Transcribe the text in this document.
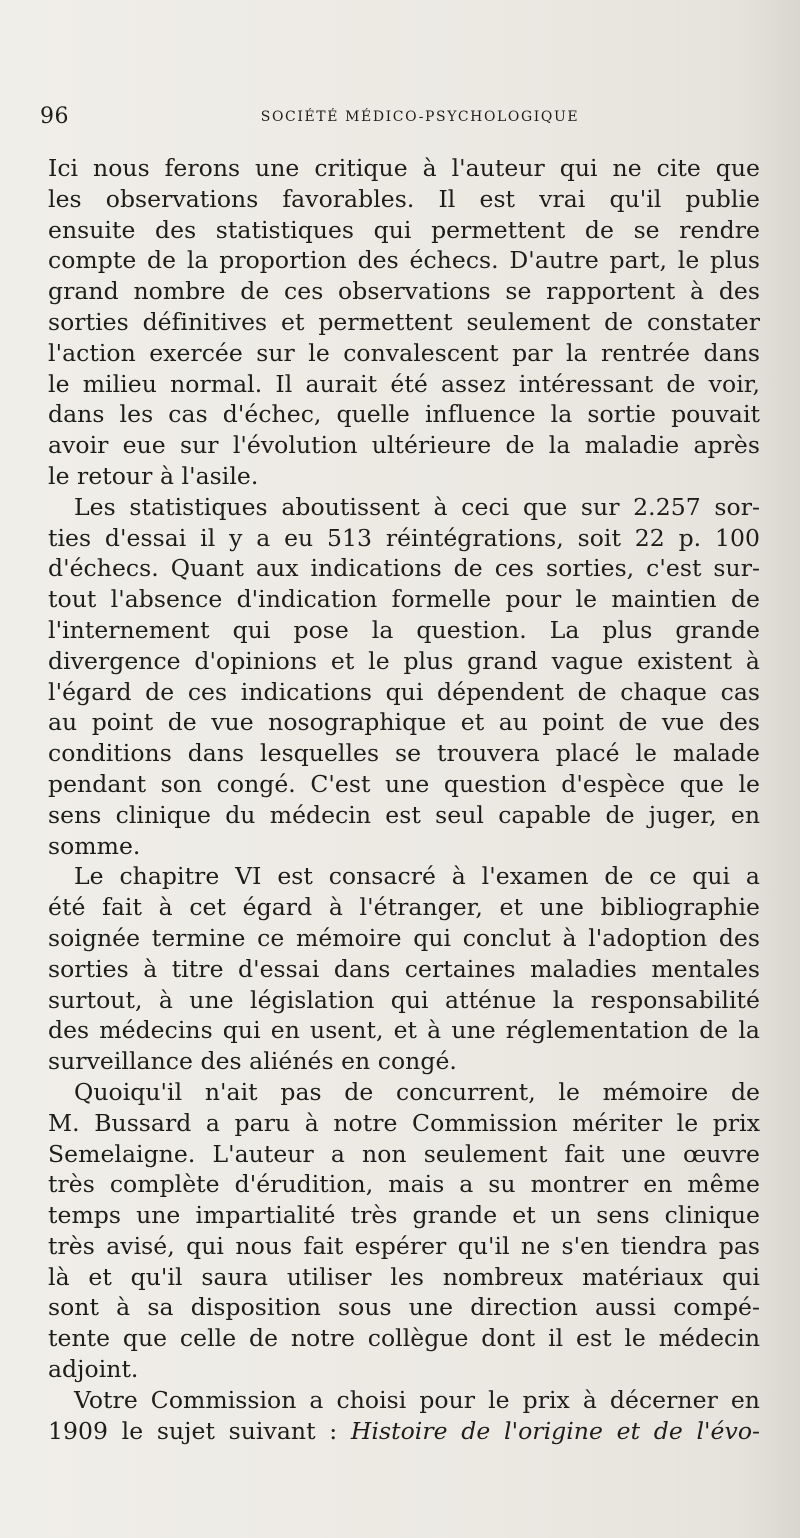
96	SOCIÉTÉ MÉDICO-PSYCHOLOGIQUE
Ici nous ferons une critique à l'auteur qui ne cite que
les observations favorables. Il est vrai qu'il publie
ensuite des statistiques qui permettent de se rendre
compte de la proportion des échecs. D'autre part, le plus
grand nombre de ces observations se rapportent à des
sorties définitives et permettent seulement de constater
l'action exercée sur le convalescent par la rentrée dans
le milieu normal. Il aurait été assez intéressant de voir,
dans les cas d'échec, quelle influence la sortie pouvait
avoir eue sur l'évolution ultérieure de la maladie après
le retour à l'asile.
Les statistiques aboutissent à ceci que sur 2.257 sor-
ties d'essai il y a eu 513 réintégrations, soit 22 p. 100
d'échecs. Quant aux indications de ces sorties, c'est sur-
tout l'absence d'indication formelle pour le maintien de
l'internement qui pose la question. La plus grande
divergence d'opinions et le plus grand vague existent à
l'égard de ces indications qui dépendent de chaque cas
au point de vue nosographique et au point de vue des
conditions dans lesquelles se trouvera placé le malade
pendant son congé. C'est une question d'espèce que le
sens clinique du médecin est seul capable de juger, en
somme.
Le chapitre VI est consacré à l'examen de ce qui a
été fait à cet égard à l'étranger, et une bibliographie
soignée termine ce mémoire qui conclut à l'adoption des
sorties à titre d'essai dans certaines maladies mentales
surtout, à une législation qui atténue la responsabilité
des médecins qui en usent, et à une réglementation de la
surveillance des aliénés en congé.
Quoiqu'il n'ait pas de concurrent, le mémoire de
M. Bussard a paru à notre Commission mériter le prix
Semelaigne. L'auteur a non seulement fait une œuvre
très complète d'érudition, mais a su montrer en même
temps une impartialité très grande et un sens clinique
très avisé, qui nous fait espérer qu'il ne s'en tiendra pas
là et qu'il saura utiliser les nombreux matériaux qui
sont à sa disposition sous une direction aussi compé-
tente que celle de notre collègue dont il est le médecin
adjoint.
Votre Commission a choisi pour le prix à décerner en
1909 le sujet suivant : Histoire de l'origine et de l'évo-
